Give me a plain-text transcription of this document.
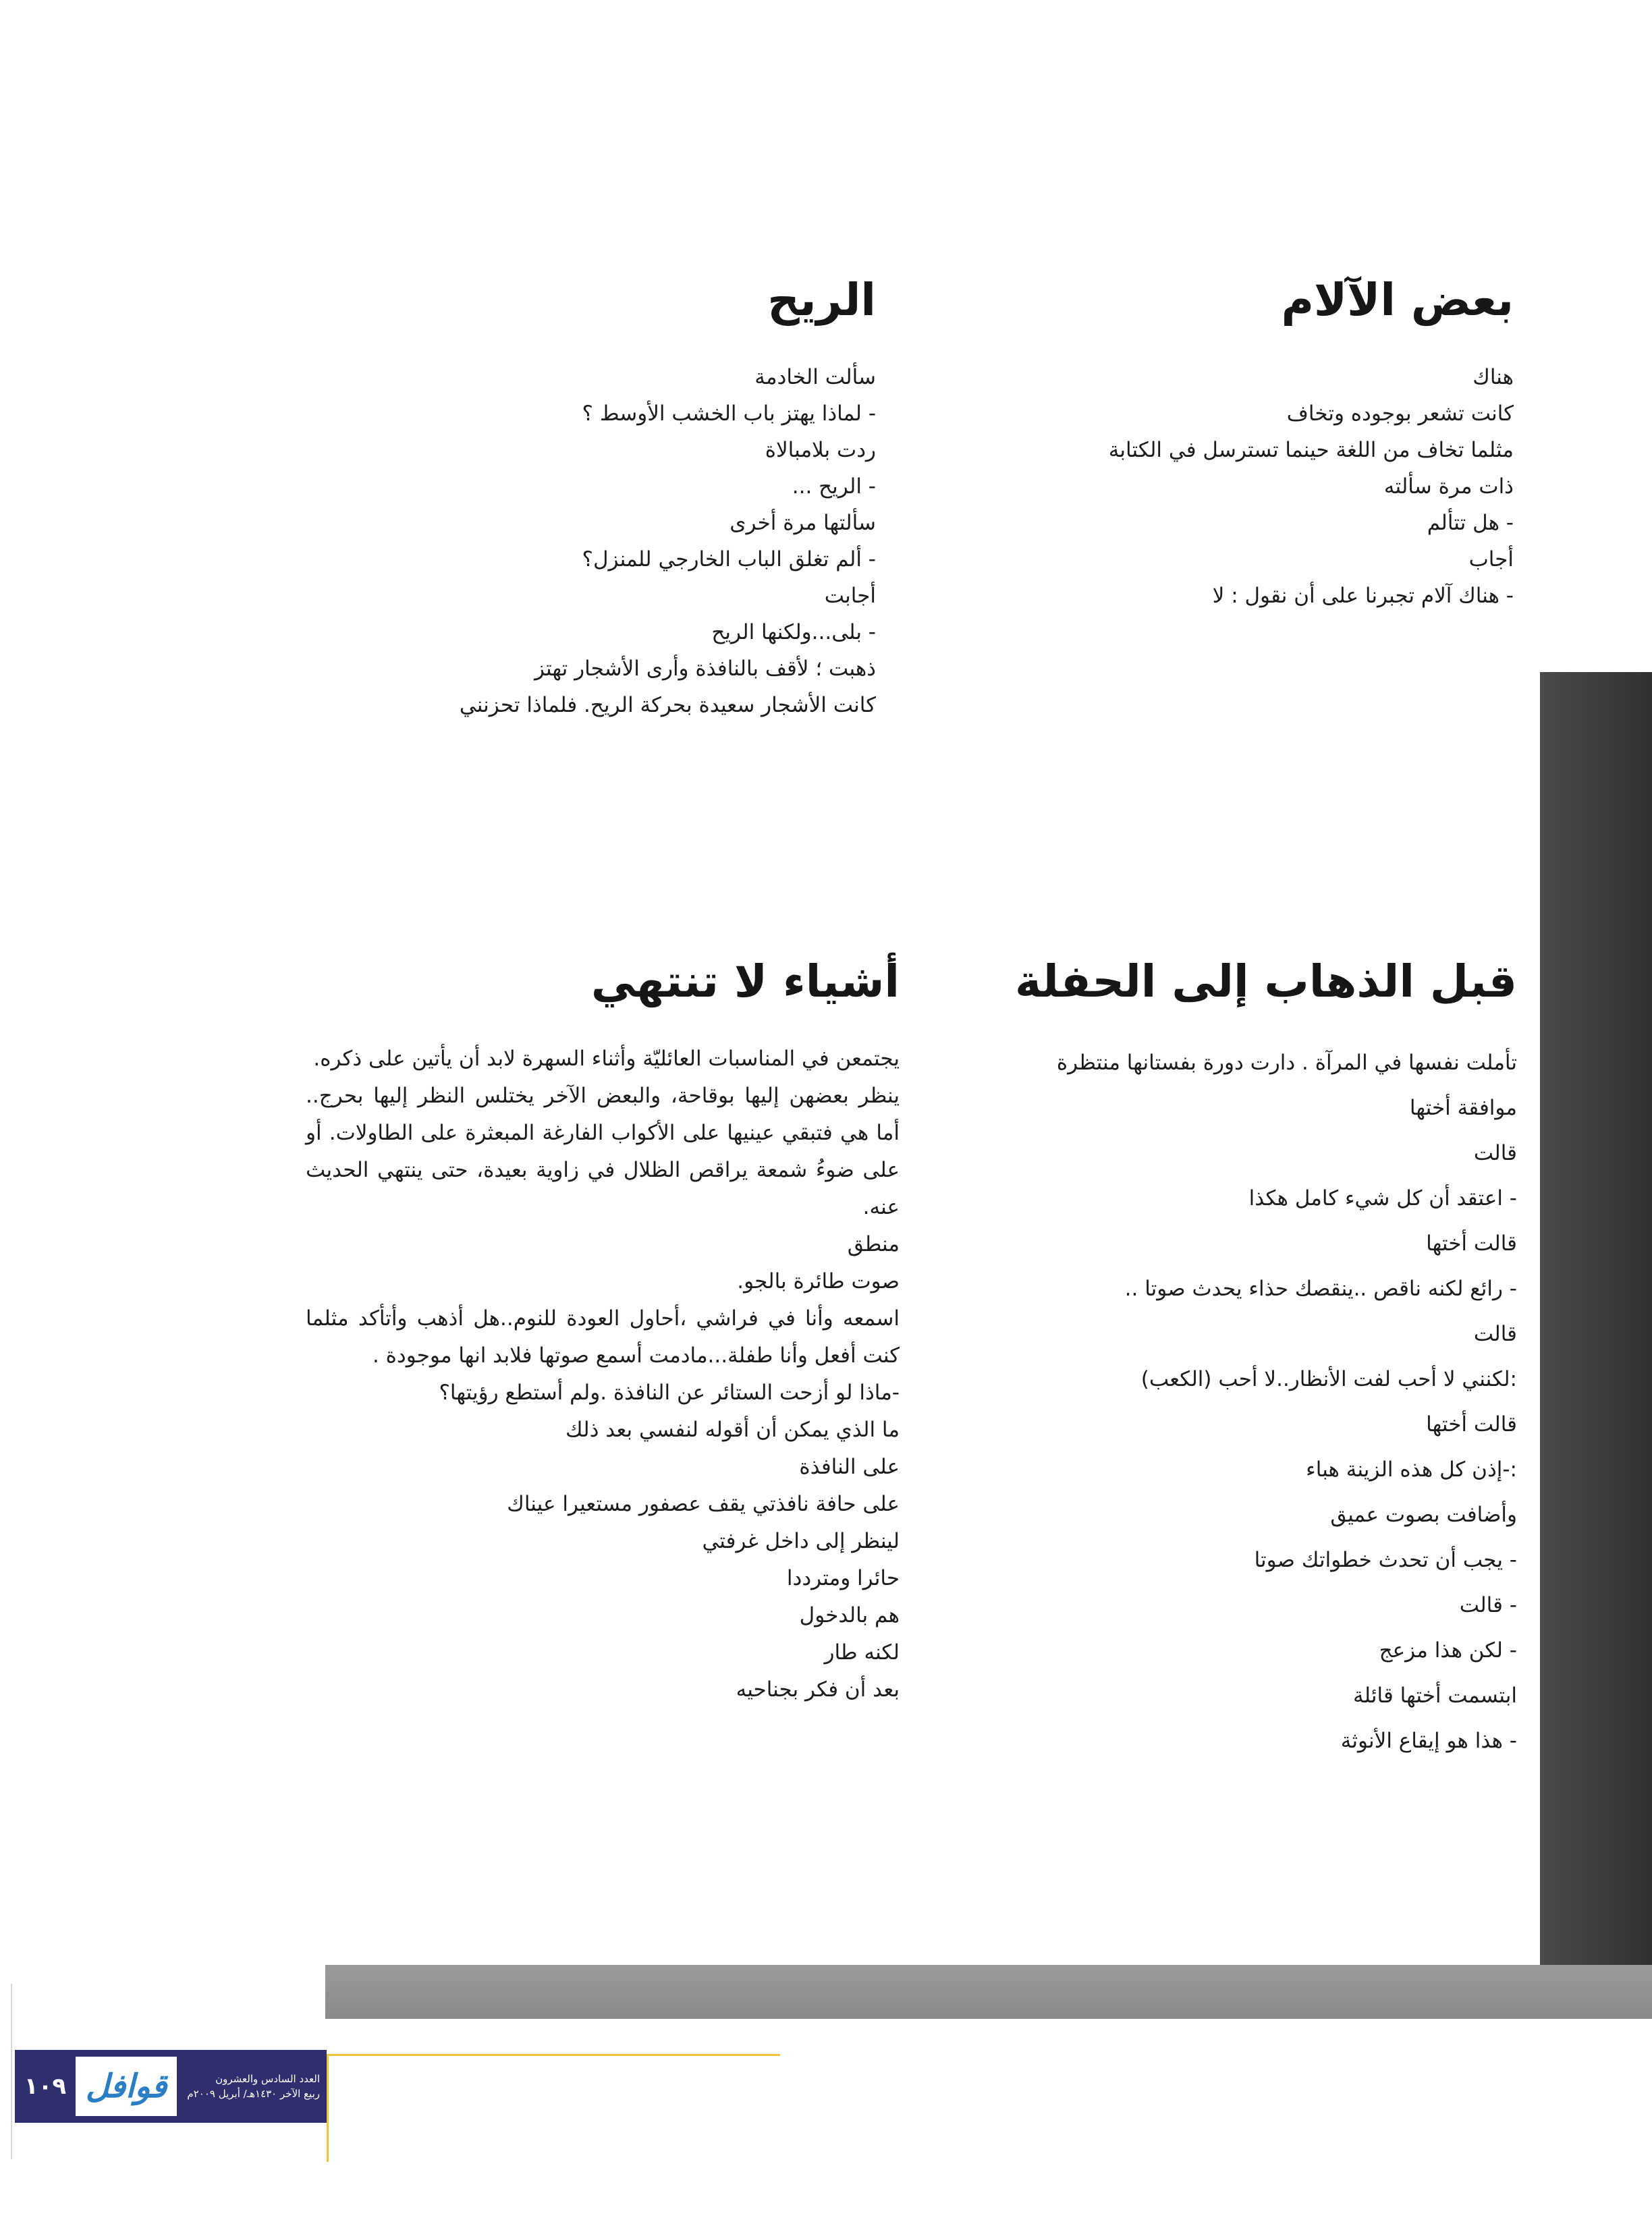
بعض الآلام
هناك
كانت تشعر بوجوده وتخاف
مثلما تخاف من اللغة حينما تسترسل في الكتابة
ذات مرة سألته
- هل تتألم
أجاب
- هناك آلام تجبرنا على أن نقول : لا
الريح
سألت الخادمة
- لماذا يهتز باب الخشب الأوسط ؟
ردت بلامبالاة
- الريح ...
سألتها مرة أخرى
- ألم تغلق الباب الخارجي للمنزل؟
أجابت
- بلى...ولكنها الريح
ذهبت ؛ لأقف بالنافذة وأرى الأشجار تهتز
كانت الأشجار سعيدة بحركة الريح. فلماذا تحزنني
قبل الذهاب إلى الحفلة
تأملت نفسها في المرآة . دارت دورة بفستانها منتظرة
موافقة أختها
قالت
- اعتقد أن كل شيء كامل هكذا
قالت أختها
- رائع لكنه ناقص ..ينقصك حذاء يحدث صوتا ..
قالت
:لكنني لا أحب لفت الأنظار..لا أحب (الكعب)
قالت أختها
:-إذن كل هذه الزينة هباء
وأضافت بصوت عميق
- يجب أن تحدث خطواتك صوتا
- قالت
- لكن هذا مزعج
ابتسمت أختها قائلة
- هذا هو إيقاع الأنوثة
أشياء لا تنتهي
يجتمعن في المناسبات العائليّة وأثناء السهرة لابد أن يأتين على ذكره.
ينظر بعضهن إليها بوقاحة، والبعض الآخر يختلس النظر إليها بحرج.. أما هي فتبقي عينيها على الأكواب الفارغة المبعثرة على الطاولات. أو على ضوءُ شمعة يراقص الظلال في زاوية بعيدة، حتى ينتهي الحديث عنه.
منطق
صوت طائرة بالجو.
اسمعه وأنا في فراشي ،أحاول العودة للنوم..هل أذهب وأتأكد مثلما كنت أفعل وأنا طفلة...مادمت أسمع صوتها فلابد انها موجودة .
-ماذا لو أزحت الستائر عن النافذة .ولم أستطع رؤيتها؟
ما الذي يمكن أن أقوله لنفسي بعد ذلك
على النافذة
على حافة نافذتي يقف عصفور مستعيرا عيناك
لينظر إلى داخل غرفتي
حائرا ومترددا
هم بالدخول
لكنه طار
بعد أن فكر بجناحيه
١٠٩ قوافل	العدد السادس والعشرون
ربيع الآخر ١٤٣٠هـ/ أبريل ٢٠٠٩م
